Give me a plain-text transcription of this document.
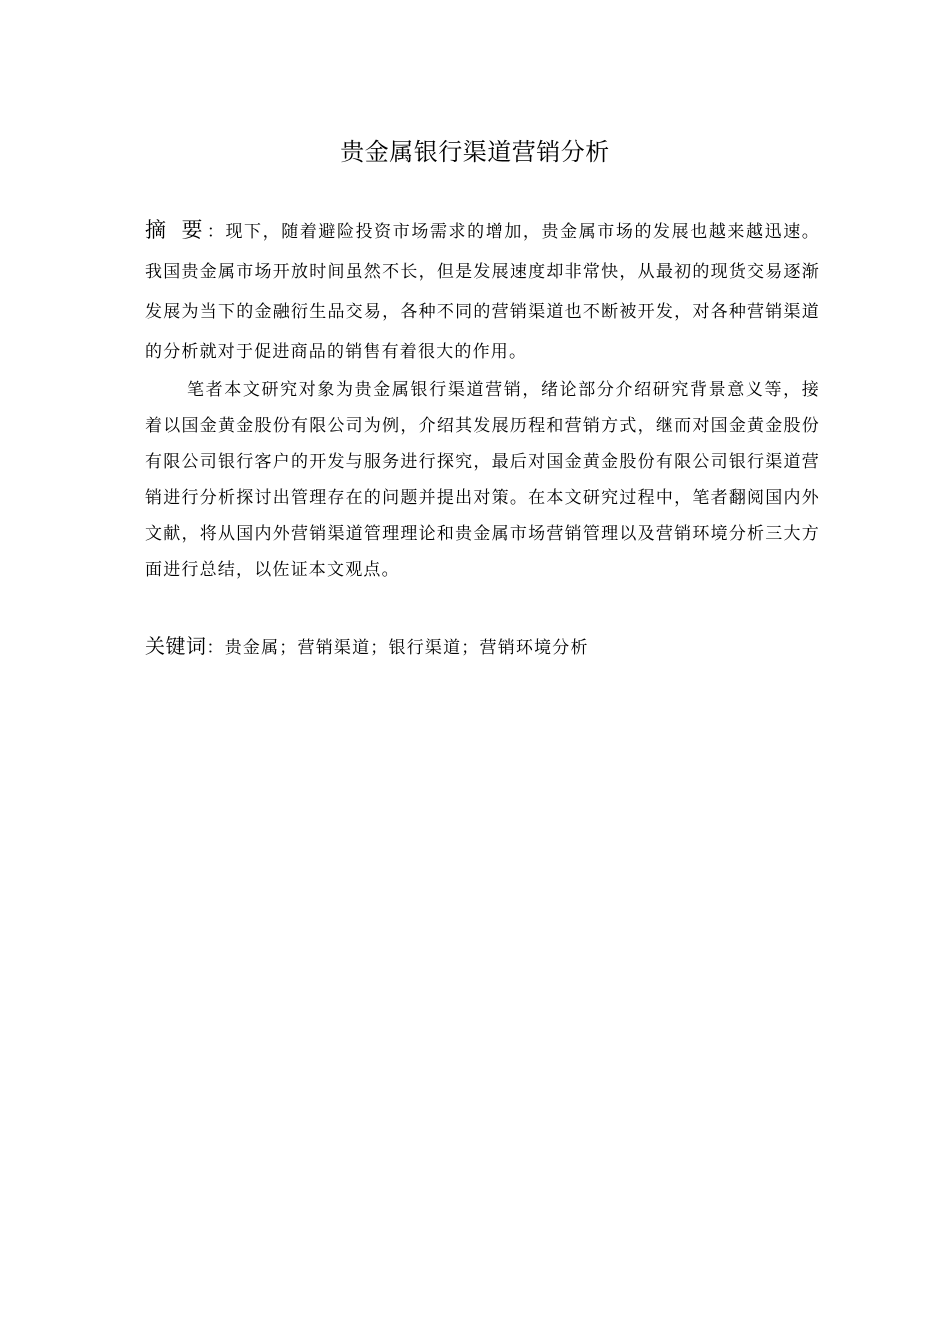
贵金属银行渠道营销分析

摘 要：现下，随着避险投资市场需求的增加，贵金属市场的发展也越来越迅速。我国贵金属市场开放时间虽然不长，但是发展速度却非常快，从最初的现货交易逐渐发展为当下的金融衍生品交易，各种不同的营销渠道也不断被开发，对各种营销渠道的分析就对于促进商品的销售有着很大的作用。

笔者本文研究对象为贵金属银行渠道营销，绪论部分介绍研究背景意义等，接着以国金黄金股份有限公司为例，介绍其发展历程和营销方式，继而对国金黄金股份有限公司银行客户的开发与服务进行探究，最后对国金黄金股份有限公司银行渠道营销进行分析探讨出管理存在的问题并提出对策。在本文研究过程中，笔者翻阅国内外文献，将从国内外营销渠道管理理论和贵金属市场营销管理以及营销环境分析三大方面进行总结，以佐证本文观点。

关键词：贵金属；营销渠道；银行渠道；营销环境分析
